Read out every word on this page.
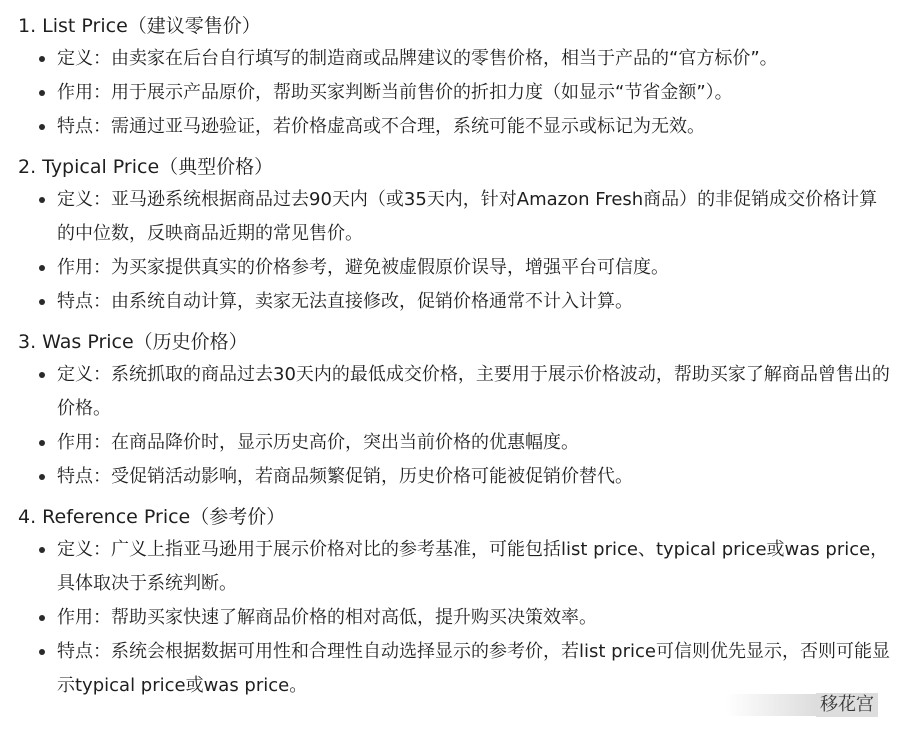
1. List Price（建议零售价）
定义：由卖家在后台自行填写的制造商或品牌建议的零售价格，相当于产品的“官方标价”。
作用：用于展示产品原价，帮助买家判断当前售价的折扣力度（如显示“节省金额”）。
特点：需通过亚马逊验证，若价格虚高或不合理，系统可能不显示或标记为无效。
2. Typical Price（典型价格）
定义：亚马逊系统根据商品过去90天内（或35天内，针对Amazon Fresh商品）的非促销成交价格计算的中位数，反映商品近期的常见售价。
作用：为买家提供真实的价格参考，避免被虚假原价误导，增强平台可信度。
特点：由系统自动计算，卖家无法直接修改，促销价格通常不计入计算。
3. Was Price（历史价格）
定义：系统抓取的商品过去30天内的最低成交价格，主要用于展示价格波动，帮助买家了解商品曾售出的价格。
作用：在商品降价时，显示历史高价，突出当前价格的优惠幅度。
特点：受促销活动影响，若商品频繁促销，历史价格可能被促销价替代。
4. Reference Price（参考价）
定义：广义上指亚马逊用于展示价格对比的参考基准，可能包括list price、typical price或was price，具体取决于系统判断。
作用：帮助买家快速了解商品价格的相对高低，提升购买决策效率。
特点：系统会根据数据可用性和合理性自动选择显示的参考价，若list price可信则优先显示，否则可能显示typical price或was price。
移花宫
